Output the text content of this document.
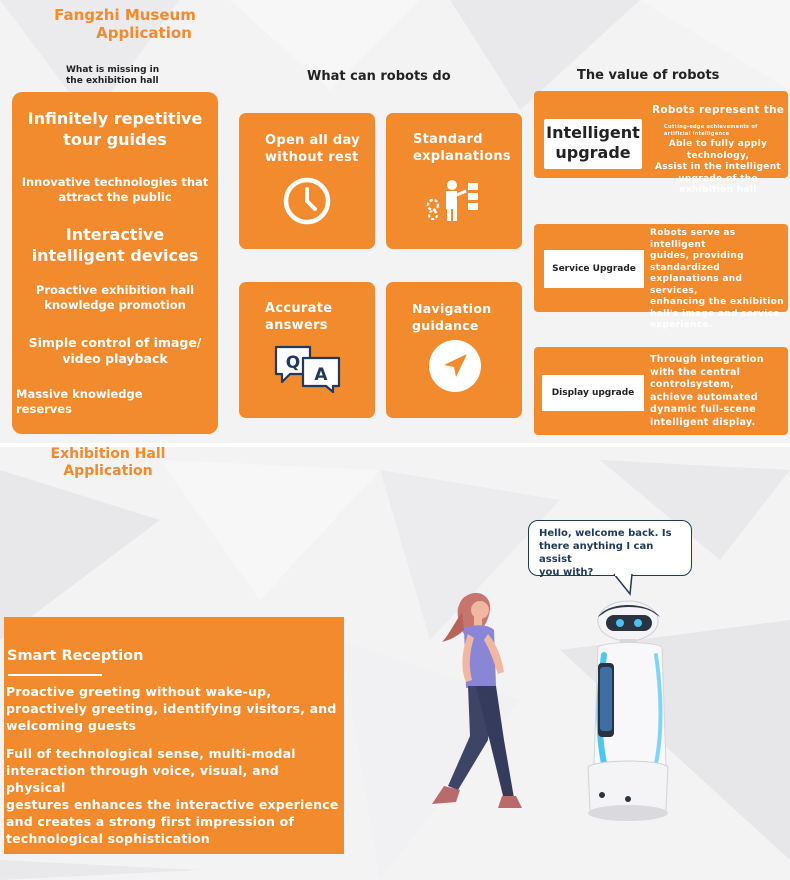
Fangzhi Museum
Application
What is missing in
the exhibition hall	What can robots do	The value of robots
Infinitely repetitive
tour guides
Innovative technologies that
attract the public
Interactive
intelligent devices
Proactive exhibition hall
knowledge promotion
Simple control of image/
video playback
Massive knowledge
reserves
Open all day
without rest
Standard
explanations
Accurate
answers
Q
A
Navigation
guidance
Intelligent
upgrade
Robots represent the
Cutting-edge achievements of artificial intelligence
Able to fully apply technology,
Assist in the intelligent
upgrade of the
exhibition hall
Service Upgrade
Robots serve as intelligent
guides, providing
standardized
explanations and services,
enhancing the exhibition
hall's image and service
experience.
Display upgrade
Through integration
with the central
controlsystem,
achieve automated
dynamic full-scene
intelligent display.
Exhibition Hall
Application
Smart Reception
Proactive greeting without wake-up,
proactively greeting, identifying visitors, and
welcoming guests
Full of technological sense, multi-modal
interaction through voice, visual, and physical
gestures enhances the interactive experience
and creates a strong first impression of
technological sophistication
Hello, welcome back. Is
there anything I can assist
you with?
